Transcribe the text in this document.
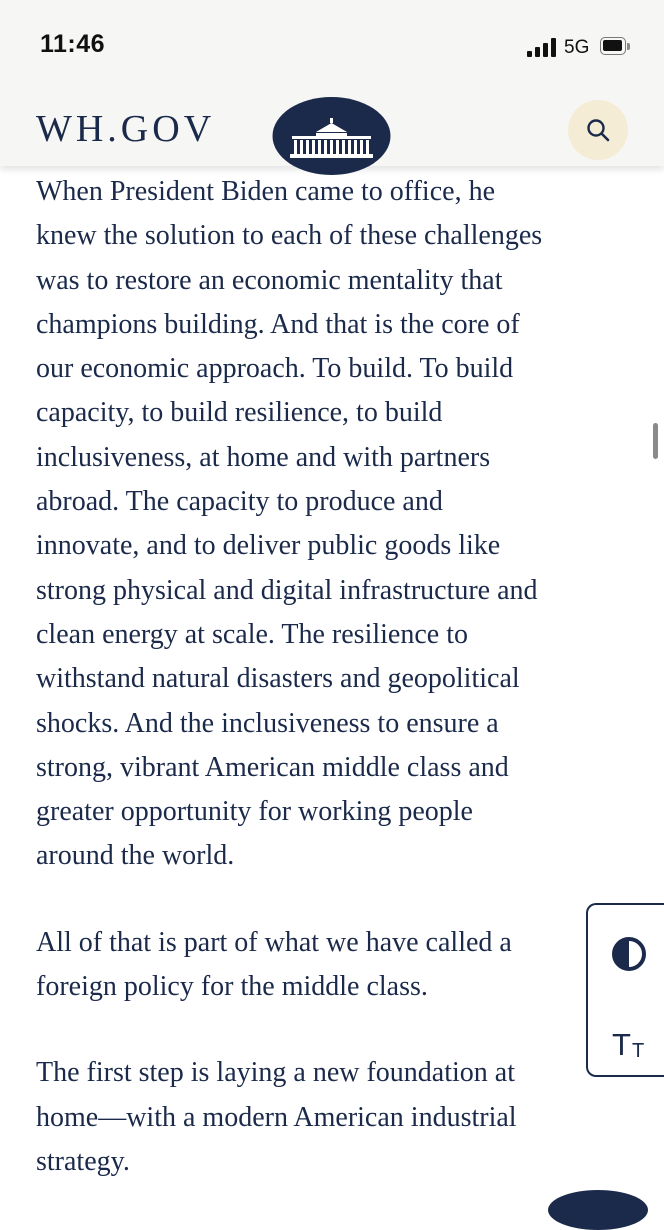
11:46	5G
WH.GOV

When President Biden came to office, he
knew the solution to each of these challenges
was to restore an economic mentality that
champions building. And that is the core of
our economic approach. To build. To build
capacity, to build resilience, to build
inclusiveness, at home and with partners
abroad. The capacity to produce and
innovate, and to deliver public goods like
strong physical and digital infrastructure and
clean energy at scale. The resilience to
withstand natural disasters and geopolitical
shocks. And the inclusiveness to ensure a
strong, vibrant American middle class and
greater opportunity for working people
around the world.

All of that is part of what we have called a
foreign policy for the middle class.

The first step is laying a new foundation at
home—with a modern American industrial
strategy.

T T
